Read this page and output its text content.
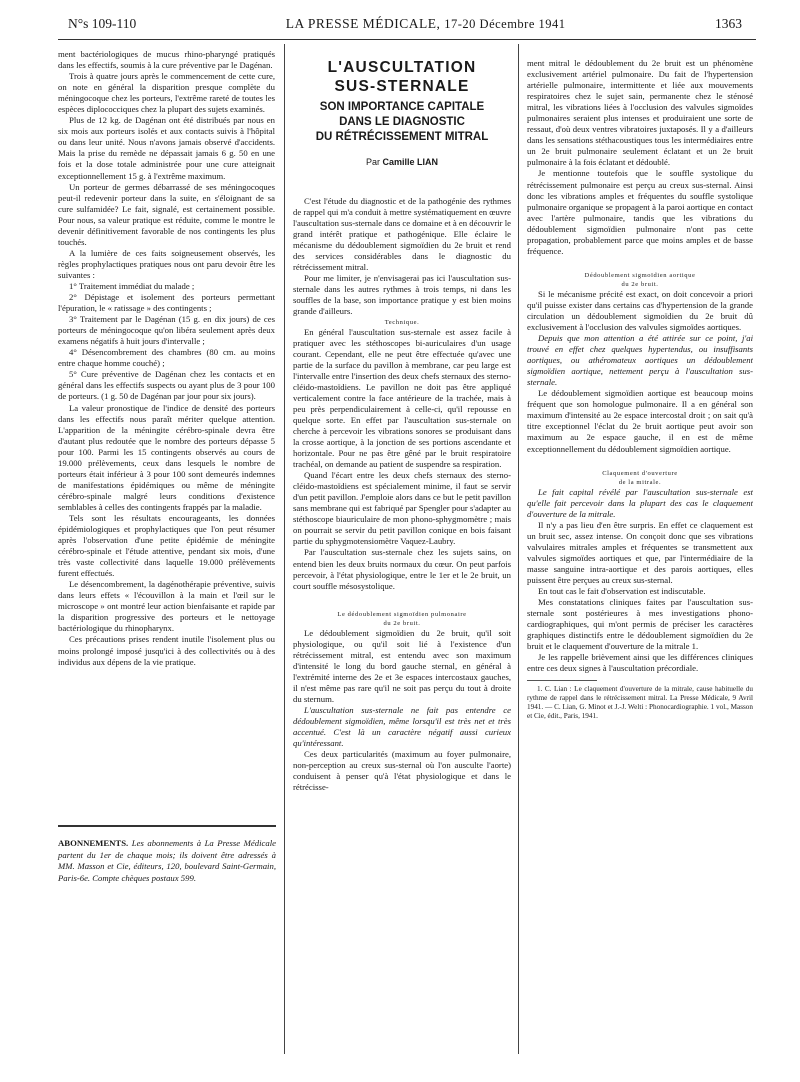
N°s 109-110	LA PRESSE MÉDICALE, 17-20 Décembre 1941	1363

ment bactériologiques de mucus rhino-pharyngé pratiqués dans les effectifs, soumis à la cure préventive par le Dagénan.

Trois à quatre jours après le commencement de cette cure, on note en général la disparition presque complète du méningocoque chez les porteurs, l'extrême rareté de toutes les espèces diplococciques chez la plupart des sujets examinés.

Plus de 12 kg. de Dagénan ont été distribués par nous en six mois aux porteurs isolés et aux contacts suivis à l'hôpital ou dans leur unité. Nous n'avons jamais observé d'accidents. Mais la prise du remède ne dépassait jamais 6 g. 50 en une fois et la dose totale administrée pour une cure atteignait exceptionnellement 15 g. à l'extrême maximum.

Un porteur de germes débarrassé de ses méningocoques peut-il redevenir porteur dans la suite, en s'éloignant de sa cure sulfamidée? Le fait, signalé, est certainement possible. Pour nous, sa valeur pratique est réduite, comme le montre le devenir définitivement favorable de nos contingents les plus touchés.

A la lumière de ces faits soigneusement observés, les règles prophylactiques pratiques nous ont paru devoir être les suivantes :

1° Traitement immédiat du malade ;

2° Dépistage et isolement des porteurs permettant l'épuration, le « ratissage » des contingents ;

3° Traitement par le Dagénan (15 g. en dix jours) de ces porteurs de méningocoque qu'on libéra seulement après deux examens négatifs à huit jours d'intervalle ;

4° Désencombrement des chambres (80 cm. au moins entre chaque homme couché) ;

5° Cure préventive de Dagénan chez les contacts et en général dans les effectifs suspects ou ayant plus de 3 pour 100 de porteurs. (1 g. 50 de Dagénan par jour pour six jours).

La valeur pronostique de l'indice de densité des porteurs dans les effectifs nous paraît mériter quelque attention. L'apparition de la méningite cérébro-spinale devra être d'autant plus redoutée que le nombre des porteurs dépasse 5 pour 100. Parmi les 15 contingents observés au cours de 19.000 prélèvements, ceux dans lesquels le nombre de porteurs était inférieur à 3 pour 100 sont demeurés indemnes de manifestations épidémiques ou même de méningite cérébro-spinale malgré leurs conditions d'existence semblables à celles des contingents frappés par la maladie.

Tels sont les résultats encourageants, les données épidémiologiques et prophylactiques que l'on peut résumer après l'observation d'une petite épidémie de méningite cérébro-spinale et l'étude attentive, pendant six mois, d'une très vaste collectivité dans laquelle 19.000 prélèvements furent effectués.

Le désencombrement, la dagénothérapie préventive, suivis dans leurs effets « l'écouvillon à la main et l'œil sur le microscope » ont montré leur action bienfaisante et rapide par la disparition progressive des porteurs et le nettoyage bactériologique du rhinopharynx.

Ces précautions prises rendent inutile l'isolement plus ou moins prolongé imposé jusqu'ici à des collectivités ou à des individus aux dépens de la vie pratique.

ABONNEMENTS. Les abonnements à La Presse Médicale partent du 1er de chaque mois; ils doivent être adressés à MM. Masson et Cie, éditeurs, 120, boulevard Saint-Germain, Paris-6e. Compte chèques postaux 599.
L'AUSCULTATION
SUS-STERNALE
SON IMPORTANCE CAPITALE
DANS LE DIAGNOSTIC
DU RÉTRÉCISSEMENT MITRAL
Par Camille LIAN

C'est l'étude du diagnostic et de la pathogénie des rythmes de rappel qui m'a conduit à mettre systématiquement en œuvre l'auscultation sus-sternale dans ce domaine et à en découvrir le grand intérêt pratique et pathogénique. Elle éclaire le mécanisme du dédoublement sigmoïdien du 2e bruit et rend des services considérables dans le diagnostic du rétrécissement mitral.

Pour me limiter, je n'envisagerai pas ici l'auscultation sus-sternale dans les autres rythmes à trois temps, ni dans les souffles de la base, son importance pratique y est bien moins grande d'ailleurs.

Technique.

En général l'auscultation sus-sternale est assez facile à pratiquer avec les stéthoscopes bi-auriculaires d'un usage courant. Cependant, elle ne peut être effectuée qu'avec une partie de la surface du pavillon à membrane, car peu large est l'intervalle entre l'insertion des deux chefs sternaux des sterno-cléido-mastoïdiens. Le pavillon ne doit pas être appliqué verticalement contre la face antérieure de la trachée, mais à peu près perpendiculairement à celle-ci, qu'il repousse en quelque sorte. En effet par l'auscultation sus-sternale on cherche à percevoir les vibrations sonores se produisant dans la crosse aortique, à la jonction de ses portions ascendante et horizontale. Pour ne pas être gêné par le bruit respiratoire trachéal, on demande au patient de suspendre sa respiration.

Quand l'écart entre les deux chefs sternaux des sterno-cléido-mastoïdiens est spécialement minime, il faut se servir d'un petit pavillon. J'emploie alors dans ce but le petit pavillon sans membrane qui est fabriqué par Spengler pour s'adapter au stéthoscope biauriculaire de mon phono-sphygmomètre ; mais on pourrait se servir du petit pavillon conique en bois faisant partie du sphygmotensiomètre Vaquez-Laubry.

Par l'auscultation sus-sternale chez les sujets sains, on entend bien les deux bruits normaux du cœur. On peut parfois percevoir, à l'état physiologique, entre le 1er et le 2e bruit, un court souffle mésosystolique.

Le dédoublement sigmoïdien pulmonaire

du 2e bruit.

Le dédoublement sigmoïdien du 2e bruit, qu'il soit physiologique, ou qu'il soit lié à l'existence d'un rétrécissement mitral, est entendu avec son maximum d'intensité le long du bord gauche sternal, en général à l'extrémité interne des 2e et 3e espaces intercostaux gauches, il n'est même pas rare qu'il ne soit pas perçu du tout à droite du sternum.

L'auscultation sus-sternale ne fait pas entendre ce dédoublement sigmoïdien, même lorsqu'il est très net et très accentué. C'est là un caractère négatif aussi curieux qu'intéressant.

Ces deux particularités (maximum au foyer pulmonaire, non-perception au creux sus-sternal où l'on ausculte l'aorte) conduisent à penser qu'à l'état physiologique et dans le rétrécisse-

ment mitral le dédoublement du 2e bruit est un phénomène exclusivement artériel pulmonaire. Du fait de l'hypertension artérielle pulmonaire, intermittente et liée aux mouvements respiratoires chez le sujet sain, permanente chez le sténosé mitral, les vibrations liées à l'occlusion des valvules sigmoïdes pulmonaires seraient plus intenses et produiraient une sorte de ressaut, d'où deux ventres vibratoires juxtaposés. Il y a d'ailleurs dans les sensations stéthacoustiques tous les intermédiaires entre un 2e bruit pulmonaire seulement éclatant et un 2e bruit pulmonaire à la fois éclatant et dédoublé.

Je mentionne toutefois que le souffle systolique du rétrécissement pulmonaire est perçu au creux sus-sternal. Ainsi donc les vibrations amples et fréquentes du souffle systolique pulmonaire organique se propagent à la paroi aortique en contact avec l'artère pulmonaire, tandis que les vibrations du dédoublement sigmoïdien pulmonaire n'ont pas cette propagation, probablement parce que moins amples et de basse fréquence.

Dédoublement sigmoïdien aortique

du 2e bruit.

Si le mécanisme précité est exact, on doit concevoir a priori qu'il puisse exister dans certains cas d'hypertension de la grande circulation un dédoublement sigmoïdien du 2e bruit dû exclusivement à l'occlusion des valvules sigmoïdes aortiques.

Depuis que mon attention a été attirée sur ce point, j'ai trouvé en effet chez quelques hypertendus, ou insuffisants aortiques, ou athéromateux aortiques un dédoublement sigmoïdien aortique, nettement perçu à l'auscultation sus-sternale.

Le dédoublement sigmoïdien aortique est beaucoup moins fréquent que son homologue pulmonaire. Il a en général son maximum d'intensité au 2e espace intercostal droit ; on sait qu'à titre exceptionnel l'éclat du 2e bruit aortique peut avoir son maximum au 2e espace gauche, il en est de même exceptionnellement du dédoublement sigmoïdien aortique.

Claquement d'ouverture

de la mitrale.

Le fait capital révélé par l'auscultation sus-sternale est qu'elle fait percevoir dans la plupart des cas le claquement d'ouverture de la mitrale.

Il n'y a pas lieu d'en être surpris. En effet ce claquement est un bruit sec, assez intense. On conçoit donc que ses vibrations valvulaires mitrales amples et fréquentes se transmettent aux valvules sigmoïdes aortiques et que, par l'intermédiaire de la masse sanguine intra-aortique et des parois aortiques, elles puissent être perçues au creux sus-sternal.

En tout cas le fait d'observation est indiscutable.

Mes constatations cliniques faites par l'auscultation sus-sternale sont postérieures à mes investigations phono-cardiographiques, qui m'ont permis de préciser les caractères graphiques distinctifs entre le dédoublement sigmoïdien du 2e bruit et le claquement d'ouverture de la mitrale 1.

Je les rappelle brièvement ainsi que les différences cliniques entre ces deux signes à l'auscultation précordiale.

1. C. Lian : Le claquement d'ouverture de la mitrale, cause habituelle du rythme de rappel dans le rétrécissement mitral. La Presse Médicale, 9 Avril 1941. — C. Lian, G. Minot et J.-J. Welti : Phonocardiographie. 1 vol., Masson et Cie, édit., Paris, 1941.
